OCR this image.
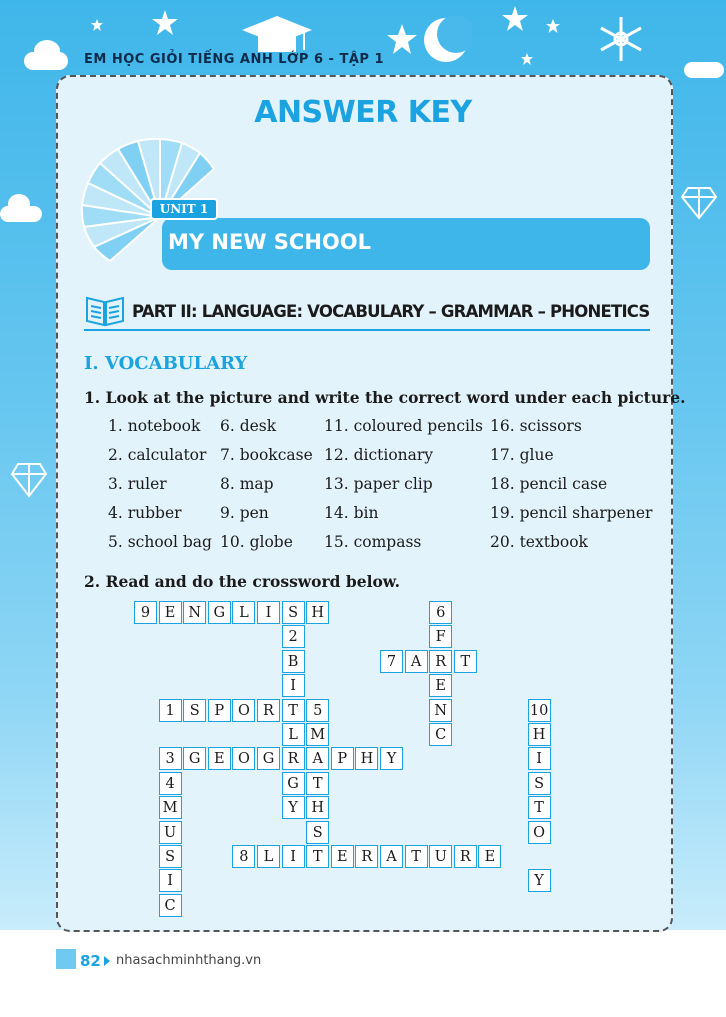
EM HỌC GIỎI TIẾNG ANH LỚP 6 - TẬP 1
ANSWER KEY
UNIT 1
MY NEW SCHOOL
PART II: LANGUAGE: VOCABULARY – GRAMMAR – PHONETICS
I. VOCABULARY
1. Look at the picture and write the correct word under each picture.
1. notebook 6. desk	11. coloured pencils 16. scissors
2. calculator 7. bookcase 12. dictionary	17. glue
3. ruler	8. map	13. paper clip	18. pencil case
4. rubber 9. pen	14. bin	19. pencil sharpener
5. school bag 10. globe 15. compass	20. textbook
2. Read and do the crossword below.
9	E N G L	I	S H	6
2	F
B	7	A R T
I	E
1	S	P O R T	5	N	10
L M	C	H
3 G E O G R A P H Y	I
4	G T	S
M	Y H	T
U	S	O
S	8	L	I	T E R A	T U R E
I	Y
C
82 nhasachminhthang.vn
